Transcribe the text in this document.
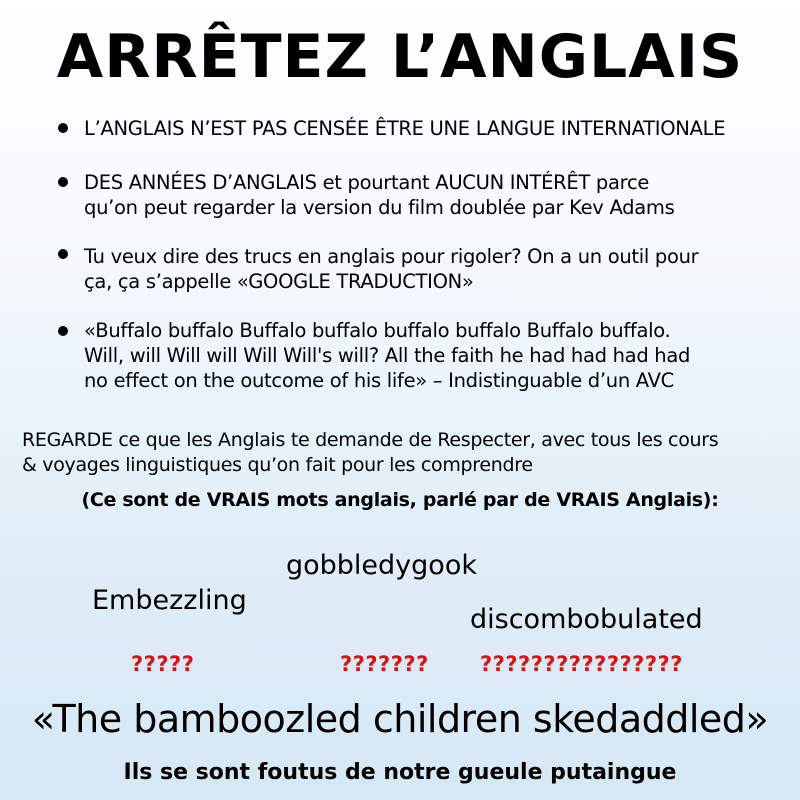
ARRÊTEZ L’ANGLAIS
L’ANGLAIS N’EST PAS CENSÉE ÊTRE UNE LANGUE INTERNATIONALE
DES ANNÉES D’ANGLAIS et pourtant AUCUN INTÉRÊT parce
qu’on peut regarder la version du film doublée par Kev Adams
Tu veux dire des trucs en anglais pour rigoler? On a un outil pour
ça, ça s’appelle «GOOGLE TRADUCTION»
«Buffalo buffalo Buffalo buffalo buffalo buffalo Buffalo buffalo.
Will, will Will will Will Will's will? All the faith he had had had had
no effect on the outcome of his life» – Indistinguable d’un AVC

REGARDE ce que les Anglais te demande de Respecter, avec tous les cours
& voyages linguistiques qu’on fait pour les comprendre

(Ce sont de VRAIS mots anglais, parlé par de VRAIS Anglais):

Embezzling
gobbledygook
discombobulated
?????	??????? ????????????????

«The bamboozled children skedaddled»

Ils se sont foutus de notre gueule putaingue
